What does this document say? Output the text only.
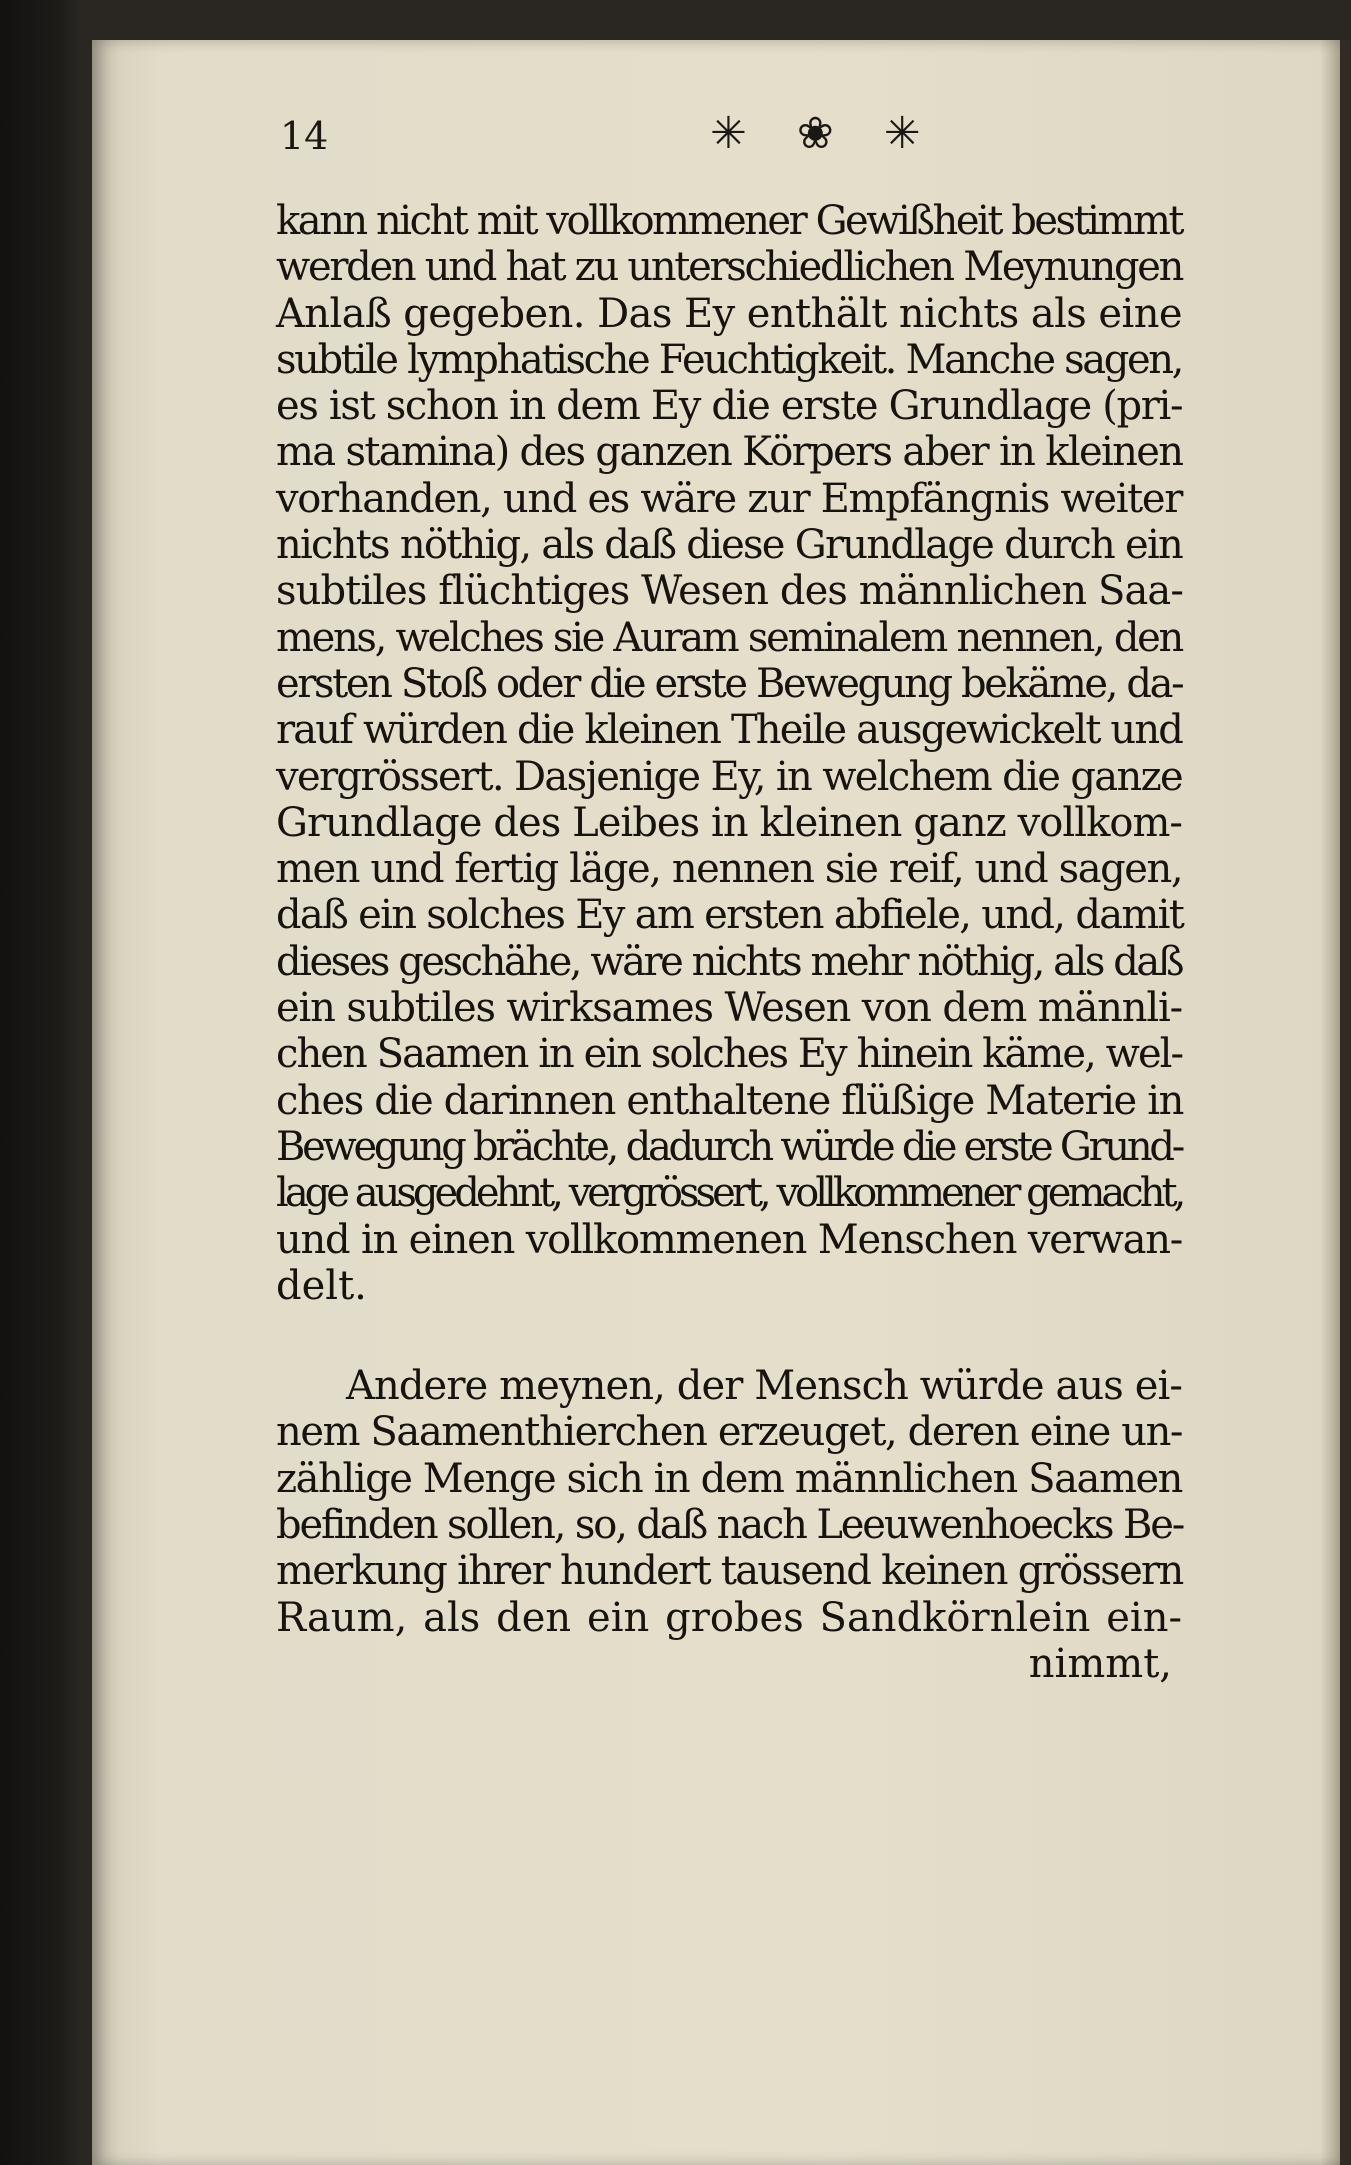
14	✳ ❀ ✳
kann nicht mit vollkommener Gewißheit bestimmt
werden und hat zu unterschiedlichen Meynungen
Anlaß gegeben. Das Ey enthält nichts als eine
subtile lymphatische Feuchtigkeit. Manche sagen,
es ist schon in dem Ey die erste Grundlage (pri-
ma stamina) des ganzen Körpers aber in kleinen
vorhanden, und es wäre zur Empfängnis weiter
nichts nöthig, als daß diese Grundlage durch ein
subtiles flüchtiges Wesen des männlichen Saa-
mens, welches sie Auram seminalem nennen, den
ersten Stoß oder die erste Bewegung bekäme, da-
rauf würden die kleinen Theile ausgewickelt und
vergrössert. Dasjenige Ey, in welchem die ganze
Grundlage des Leibes in kleinen ganz vollkom-
men und fertig läge, nennen sie reif, und sagen,
daß ein solches Ey am ersten abfiele, und, damit
dieses geschähe, wäre nichts mehr nöthig, als daß
ein subtiles wirksames Wesen von dem männli-
chen Saamen in ein solches Ey hinein käme, wel-
ches die darinnen enthaltene flüßige Materie in
Bewegung brächte, dadurch würde die erste Grund-
lage ausgedehnt, vergrössert, vollkommener gemacht,
und in einen vollkommenen Menschen verwan-
delt.
Andere meynen, der Mensch würde aus ei-
nem Saamenthierchen erzeuget, deren eine un-
zählige Menge sich in dem männlichen Saamen
befinden sollen, so, daß nach Leeuwenhoecks Be-
merkung ihrer hundert tausend keinen grössern
Raum, als den ein grobes Sandkörnlein ein-
nimmt,
